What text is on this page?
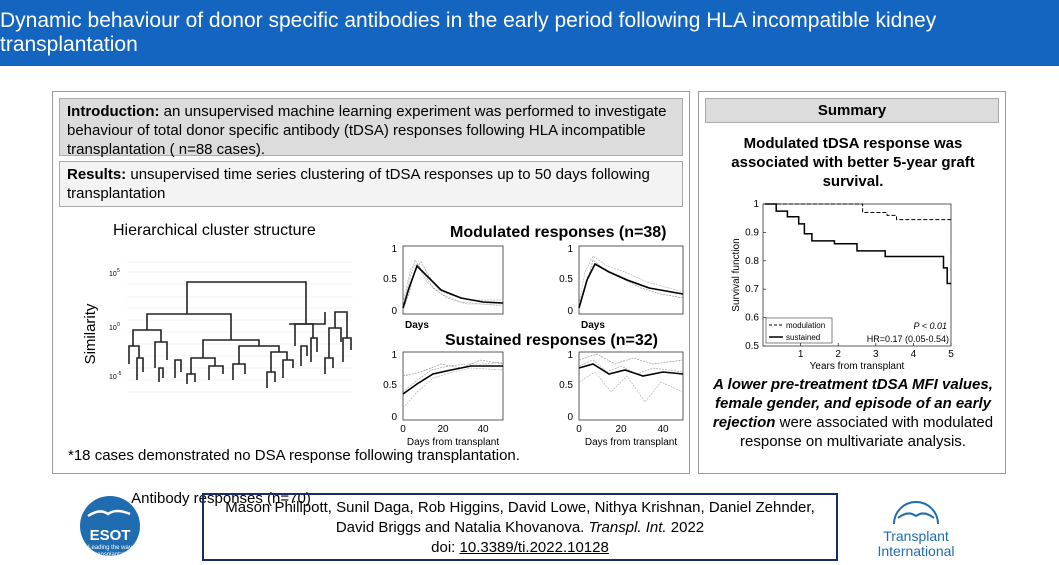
Dynamic behaviour of donor specific antibodies in the early period following HLA incompatible kidney transplantation
Introduction: an unsupervised machine learning experiment was performed to investigate behaviour of total donor specific antibody (tDSA) responses following HLA incompatible transplantation ( n=88 cases).
Results: unsupervised time series clustering of tDSA responses up to 50 days following transplantation
Hierarchical cluster structure
Similarity
10 5
10 0
10 -5
Antibody responses (n=70)
Modulated responses (n=38)
Sustained responses (n=32)
1
0.5
0
Days
1
0.5
0
Days
1
0.5
0
0	20	40
Days from transplant
1
0.5
0
0	20	40
Days from transplant
*18 cases demonstrated no DSA response following transplantation.
Summary
Modulated tDSA response was associated with better 5-year graft survival.
0.5
0.6
0.7
0.8
0.9
1
1	2	3	4	5
Survival function
Years from transplant
modulation
sustained
P < 0.01
HR=0.17 (0.05-0.54)
A lower pre-treatment tDSA MFI values, female gender, and episode of an early rejection were associated with modulated response on multivariate analysis.
ESOT
Leading the way
in transplantation
Mason Phillpott, Sunil Daga, Rob Higgins, David Lowe, Nithya Krishnan, Daniel Zehnder,
David Briggs and Natalia Khovanova. Transpl. Int. 2022
doi: 10.3389/ti.2022.10128
Transplant
International
